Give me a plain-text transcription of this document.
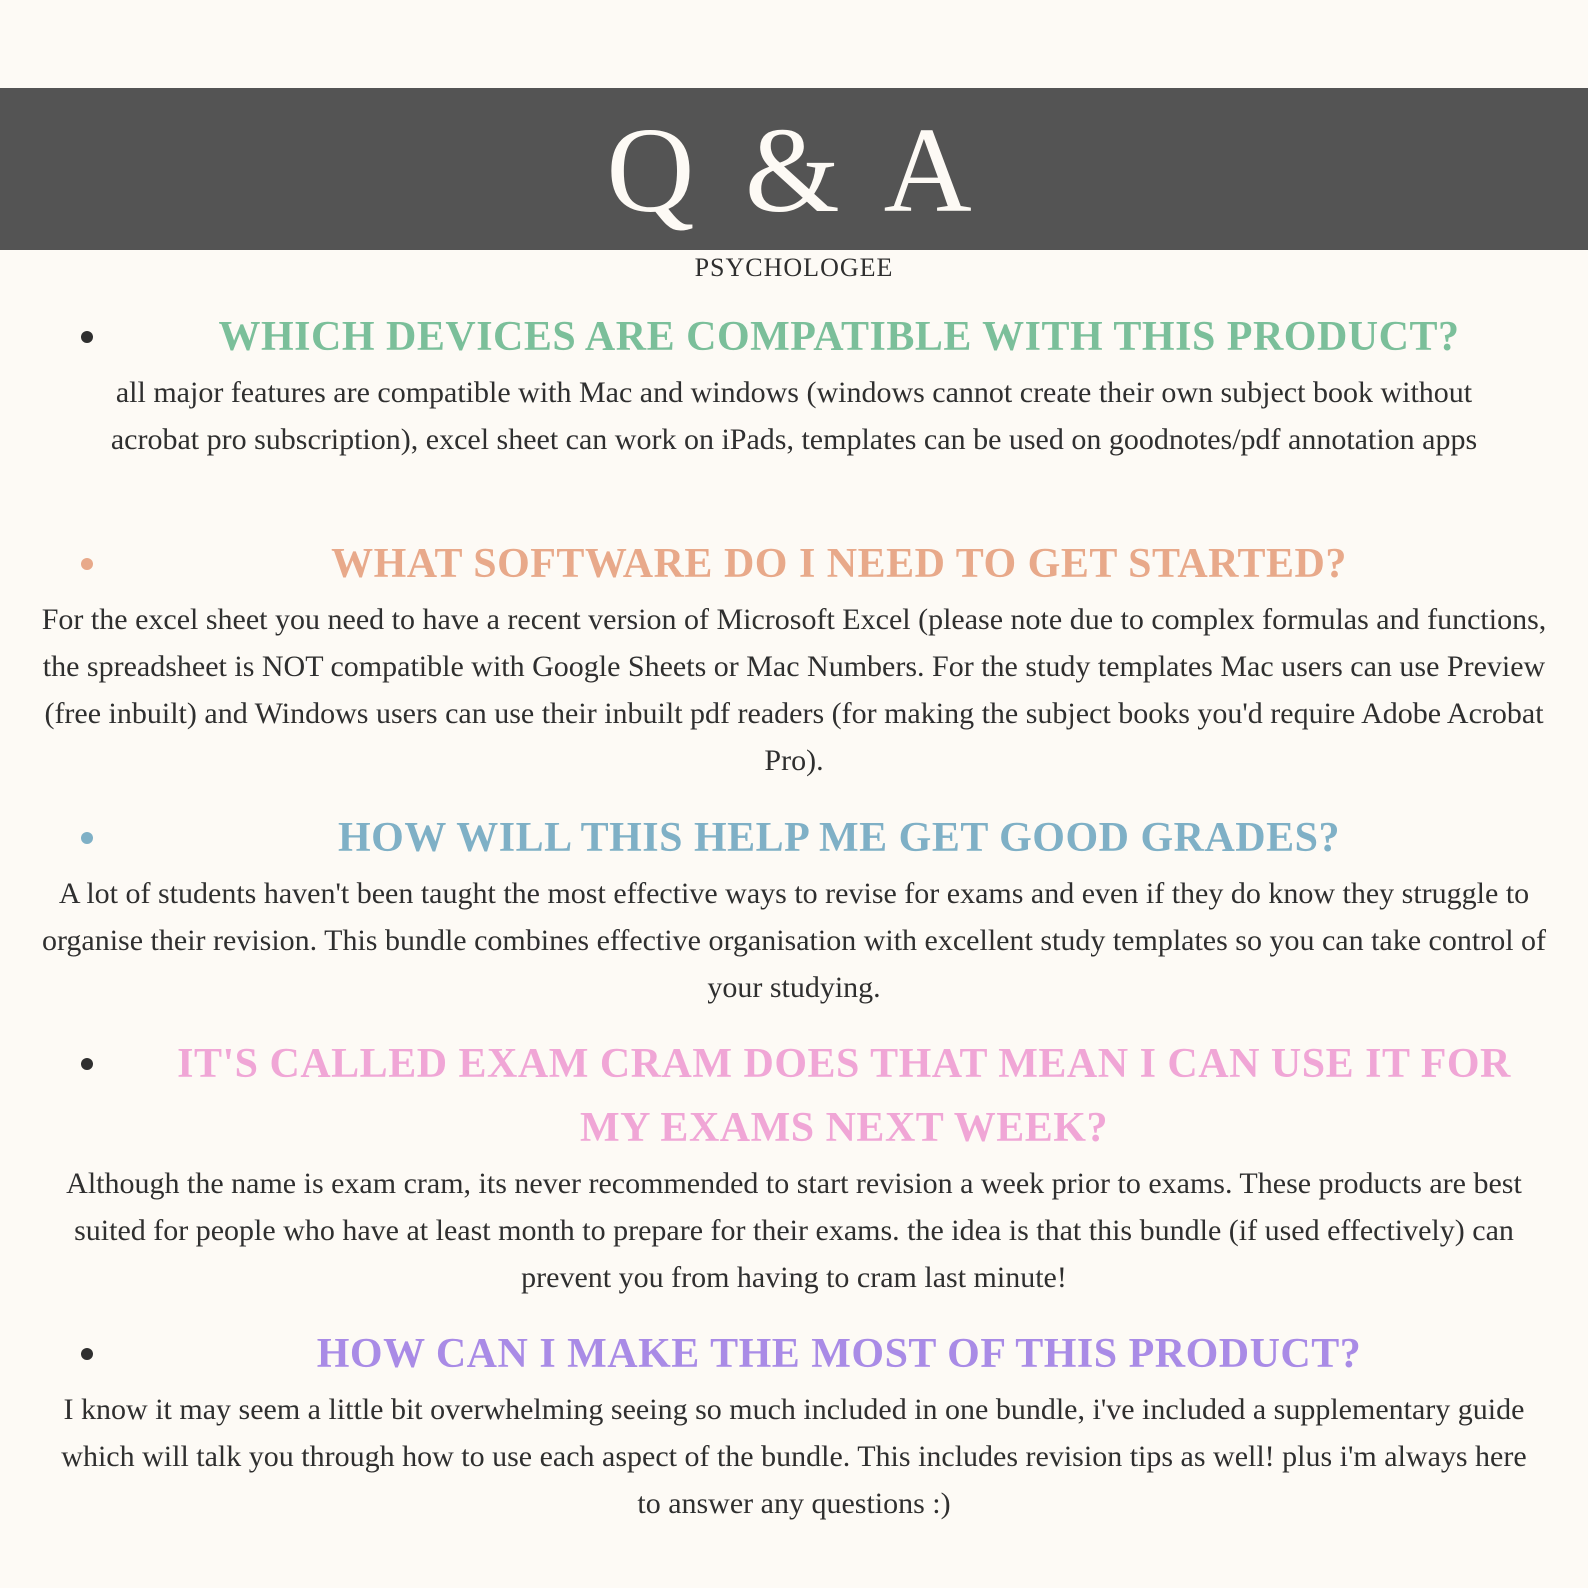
Q & A
PSYCHOLOGEE
WHICH DEVICES ARE COMPATIBLE WITH THIS PRODUCT?
all major features are compatible with Mac and windows (windows cannot create their own subject book without acrobat pro subscription), excel sheet can work on iPads, templates can be used on goodnotes/pdf annotation apps
WHAT SOFTWARE DO I NEED TO GET STARTED?
For the excel sheet you need to have a recent version of Microsoft Excel (please note due to complex formulas and functions, the spreadsheet is NOT compatible with Google Sheets or Mac Numbers. For the study templates Mac users can use Preview (free inbuilt) and Windows users can use their inbuilt pdf readers (for making the subject books you'd require Adobe Acrobat Pro).
HOW WILL THIS HELP ME GET GOOD GRADES?
A lot of students haven't been taught the most effective ways to revise for exams and even if they do know they struggle to organise their revision. This bundle combines effective organisation with excellent study templates so you can take control of your studying.
IT'S CALLED EXAM CRAM DOES THAT MEAN I CAN USE IT FOR MY EXAMS NEXT WEEK?
Although the name is exam cram, its never recommended to start revision a week prior to exams. These products are best suited for people who have at least month to prepare for their exams. the idea is that this bundle (if used effectively) can prevent you from having to cram last minute!
HOW CAN I MAKE THE MOST OF THIS PRODUCT?
I know it may seem a little bit overwhelming seeing so much included in one bundle, i've included a supplementary guide which will talk you through how to use each aspect of the bundle. This includes revision tips as well! plus i'm always here to answer any questions :)
